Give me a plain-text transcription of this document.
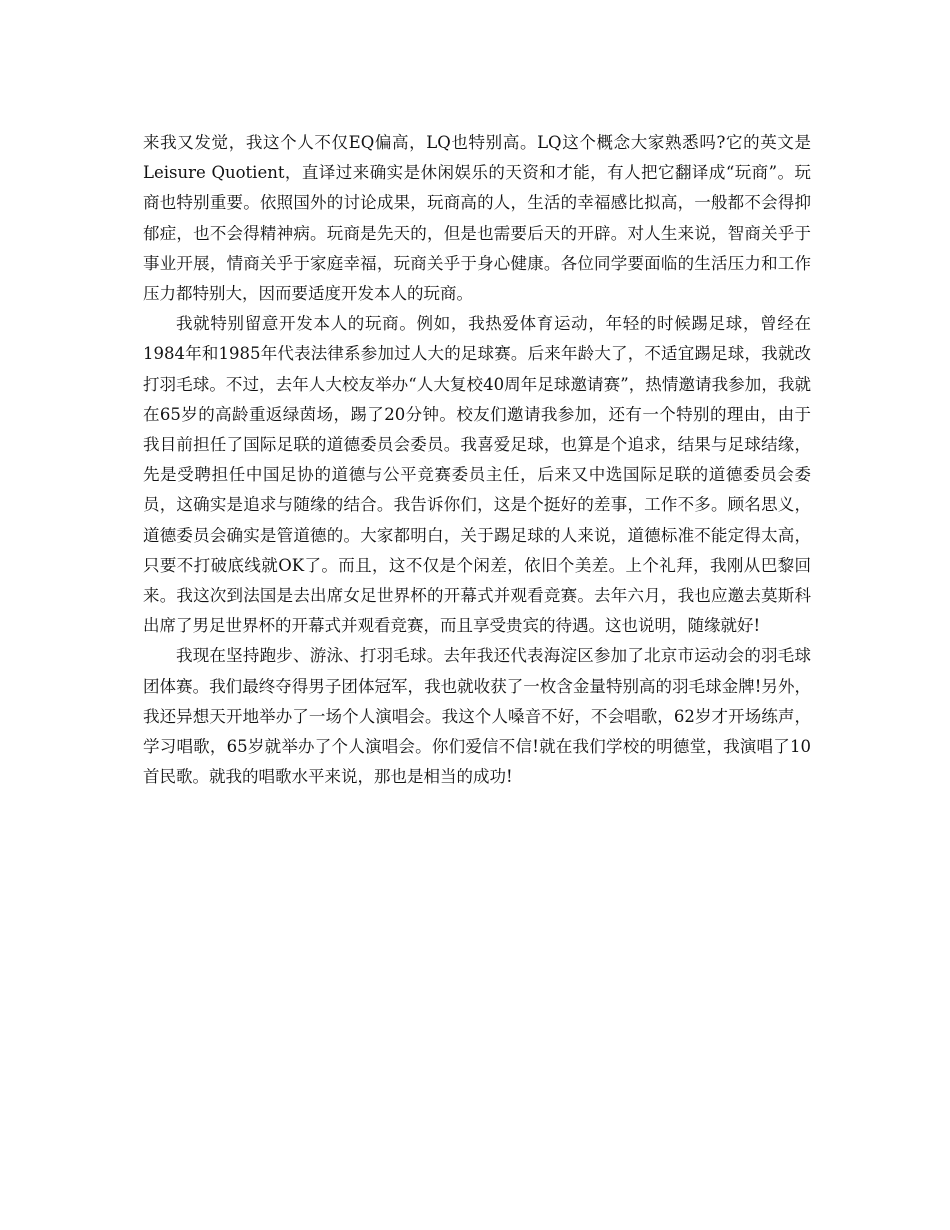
来我又发觉，我这个人不仅EQ偏高，LQ也特别高。LQ这个概念大家熟悉吗?它的英文是Leisure Quotient，直译过来确实是休闲娱乐的天资和才能，有人把它翻译成“玩商”。玩商也特别重要。依照国外的讨论成果，玩商高的人，生活的幸福感比拟高，一般都不会得抑郁症，也不会得精神病。玩商是先天的，但是也需要后天的开辟。对人生来说，智商关乎于事业开展，情商关乎于家庭幸福，玩商关乎于身心健康。各位同学要面临的生活压力和工作压力都特别大，因而要适度开发本人的玩商。

我就特别留意开发本人的玩商。例如，我热爱体育运动，年轻的时候踢足球，曾经在1984年和1985年代表法律系参加过人大的足球赛。后来年龄大了，不适宜踢足球，我就改打羽毛球。不过，去年人大校友举办“人大复校40周年足球邀请赛”，热情邀请我参加，我就在65岁的高龄重返绿茵场，踢了20分钟。校友们邀请我参加，还有一个特别的理由，由于我目前担任了国际足联的道德委员会委员。我喜爱足球，也算是个追求，结果与足球结缘，先是受聘担任中国足协的道德与公平竞赛委员主任，后来又中选国际足联的道德委员会委员，这确实是追求与随缘的结合。我告诉你们，这是个挺好的差事，工作不多。顾名思义，道德委员会确实是管道德的。大家都明白，关于踢足球的人来说，道德标准不能定得太高，只要不打破底线就OK了。而且，这不仅是个闲差，依旧个美差。上个礼拜，我刚从巴黎回来。我这次到法国是去出席女足世界杯的开幕式并观看竞赛。去年六月，我也应邀去莫斯科出席了男足世界杯的开幕式并观看竞赛，而且享受贵宾的待遇。这也说明，随缘就好!

我现在坚持跑步、游泳、打羽毛球。去年我还代表海淀区参加了北京市运动会的羽毛球团体赛。我们最终夺得男子团体冠军，我也就收获了一枚含金量特别高的羽毛球金牌!另外，我还异想天开地举办了一场个人演唱会。我这个人嗓音不好，不会唱歌，62岁才开场练声，学习唱歌，65岁就举办了个人演唱会。你们爱信不信!就在我们学校的明德堂，我演唱了10首民歌。就我的唱歌水平来说，那也是相当的成功!
